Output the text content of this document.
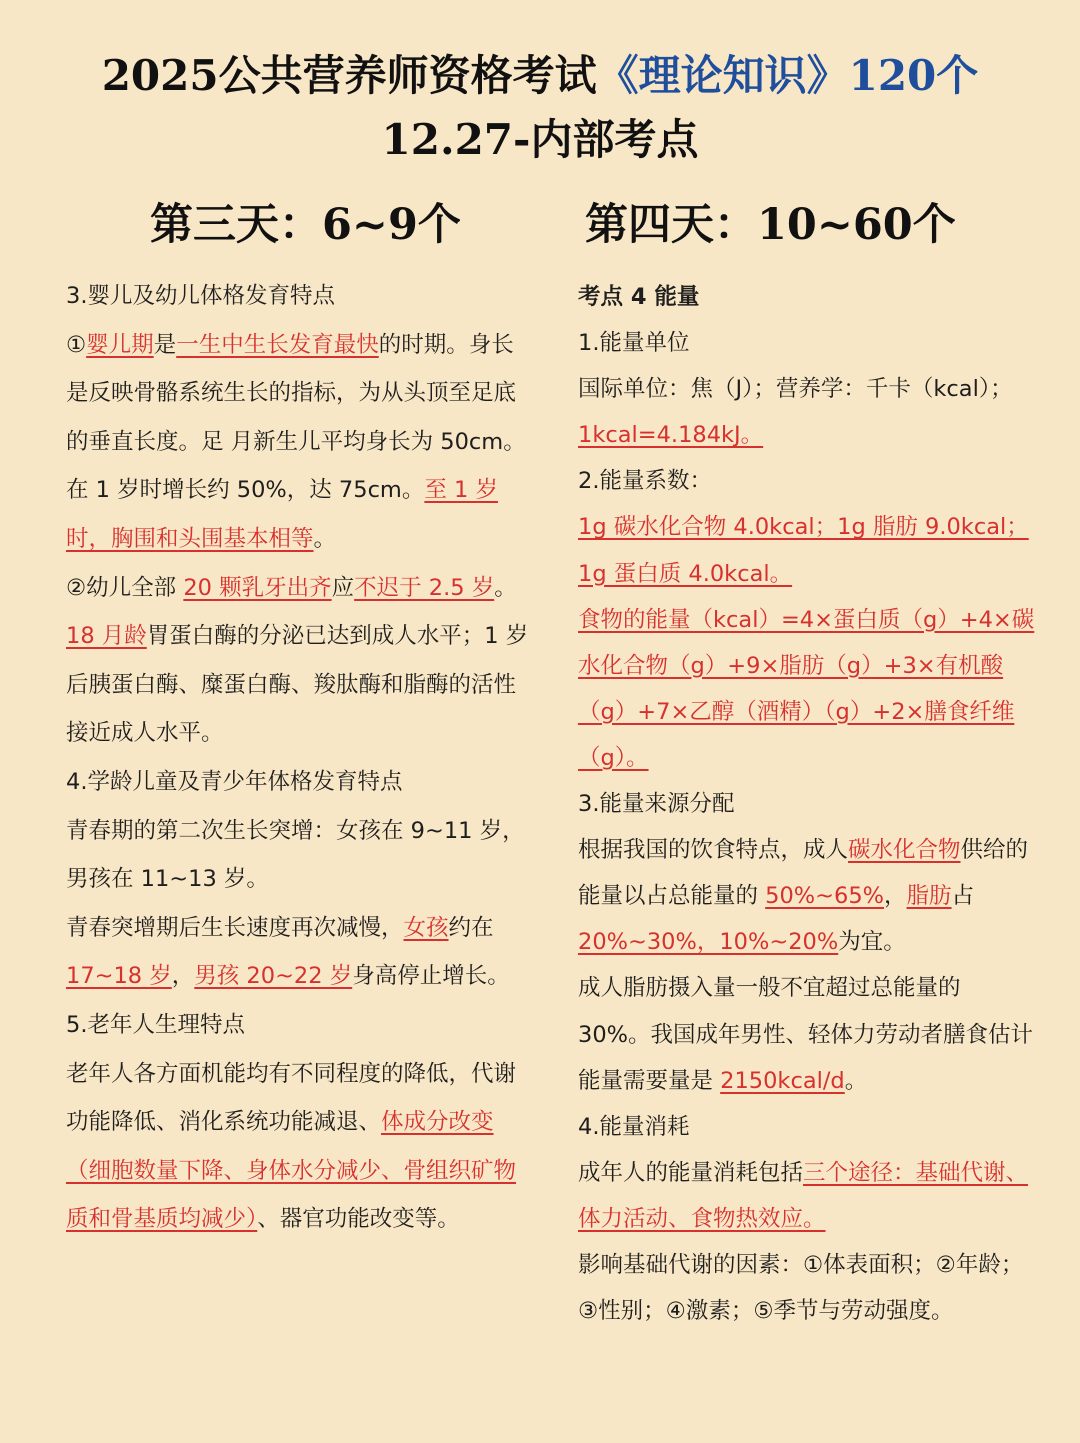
2025公共营养师资格考试《理论知识》120个
12.27-内部考点
第三天：6~9个	第四天：10~60个

3.婴儿及幼儿体格发育特点

①婴儿期是一生中生长发育最快的时期。身长是反映骨骼系统生长的指标，为从头顶至足底的垂直长度。足 月新生儿平均身长为 50cm。在 1 岁时增长约 50%，达 75cm。至 1 岁时，胸围和头围基本相等。

②幼儿全部 20 颗乳牙出齐应不迟于 2.5 岁。18 月龄胃蛋白酶的分泌已达到成人水平；1 岁后胰蛋白酶、糜蛋白酶、羧肽酶和脂酶的活性接近成人水平。

4.学龄儿童及青少年体格发育特点

青春期的第二次生长突增：女孩在 9~11 岁，男孩在 11~13 岁。

青春突增期后生长速度再次减慢，女孩约在 17~18 岁，男孩 20~22 岁身高停止增长。

5.老年人生理特点

老年人各方面机能均有不同程度的降低，代谢功能降低、消化系统功能减退、体成分改变（细胞数量下降、身体水分减少、骨组织矿物质和骨基质均减少）、器官功能改变等。

考点 4 能量

1.能量单位

国际单位：焦（J）；营养学：千卡（kcal）；1kcal=4.184kJ。

2.能量系数：

1g 碳水化合物 4.0kcal；1g 脂肪 9.0kcal；1g 蛋白质 4.0kcal。

食物的能量（kcal）=4×蛋白质（g）+4×碳水化合物（g）+9×脂肪（g）+3×有机酸（g）+7×乙醇（酒精）（g）+2×膳食纤维（g）。

3.能量来源分配

根据我国的饮食特点，成人碳水化合物供给的能量以占总能量的 50%~65%，脂肪占 20%~30%，10%~20%为宜。

成人脂肪摄入量一般不宜超过总能量的 30%。我国成年男性、轻体力劳动者膳食估计能量需要量是 2150kcal/d。

4.能量消耗

成年人的能量消耗包括三个途径：基础代谢、体力活动、食物热效应。

影响基础代谢的因素：①体表面积；②年龄；③性别；④激素；⑤季节与劳动强度。
